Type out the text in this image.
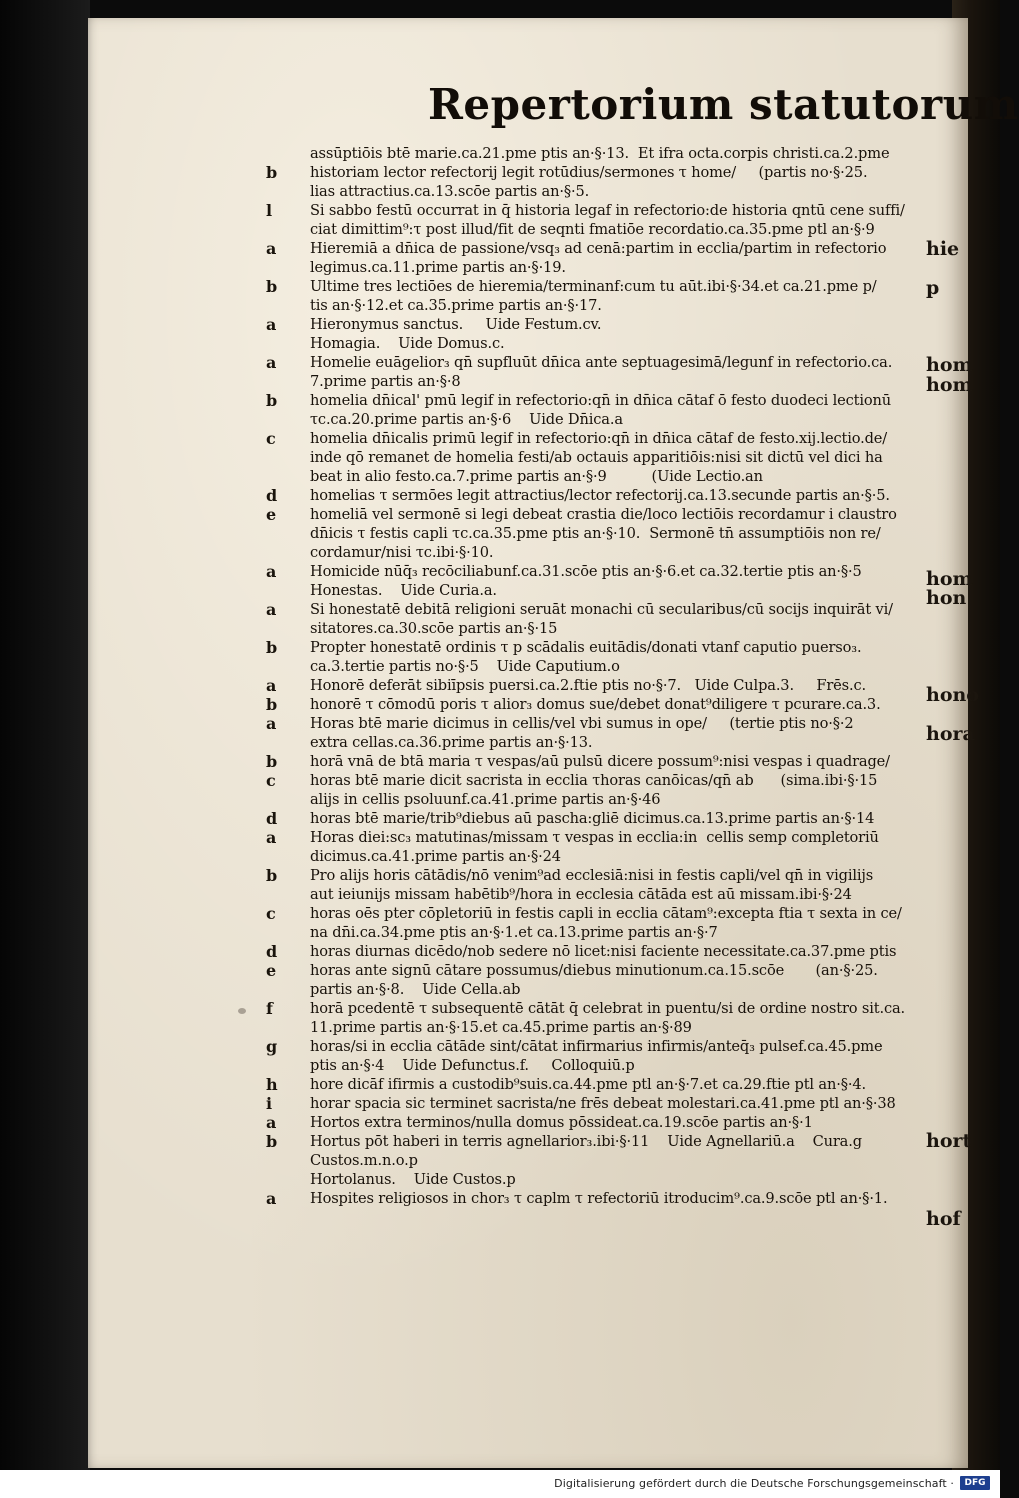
Repertorium statutorum
assūptiōis btē marie.ca.21.pme ptis an·§·13.  Et ifra octa.corpis christi.ca.2.pme
b	historiam lector refectorij legit rotūdius/sermones τ home/     (partis no·§·25.
lias attractius.ca.13.scōe partis an·§·5.
l	Si sabbo festū occurrat in q̄ historia legaf in refectorio:de historia qntū cene suffi/
ciat dimittim⁹:τ post illud/fit de seqnti fmatiōe recordatio.ca.35.pme ptl an·§·9
a	Hieremiā a dn̄ica de passione/vsq₃ ad cenā:partim in ecclia/partim in refectorio
legimus.ca.11.prime partis an·§·19.
b	Ultime tres lectiōes de hieremia/terminanf:cum tu aūt.ibi·§·34.et ca.21.pme p/
tis an·§·12.et ca.35.prime partis an·§·17.
a	Hieronymus sanctus.     Uide Festum.cv.
Homagia.    Uide Domus.c.
a	Homelie euāgelior₃ qn̄ supfluūt dn̄ica ante septuagesimā/legunf in refectorio.ca.
7.prime partis an·§·8
b	homelia dn̄ical' pmū legif in refectorio:qn̄ in dn̄ica cātaf ō festo duodeci lectionū
τc.ca.20.prime partis an·§·6    Uide Dn̄ica.a
c	homelia dn̄icalis primū legif in refectorio:qn̄ in dn̄ica cātaf de festo.xij.lectio.de/
inde qō remanet de homelia festi/ab octauis apparitiōis:nisi sit dictū vel dici ha
beat in alio festo.ca.7.prime partis an·§·9          (Uide Lectio.an
d	homelias τ sermōes legit attractius/lector refectorij.ca.13.secunde partis an·§·5.
e	homeliā vel sermonē si legi debeat crastia die/loco lectiōis recordamur i claustro
dn̄icis τ festis capli τc.ca.35.pme ptis an·§·10.  Sermonē tn̄ assumptiōis non re/
cordamur/nisi τc.ibi·§·10.
a	Homicide nūq̄₃ recōciliabunf.ca.31.scōe ptis an·§·6.et ca.32.tertie ptis an·§·5
Honestas.    Uide Curia.a.
a	Si honestatē debitā religioni seruāt monachi cū secularibus/cū socijs inquirāt vi/
sitatores.ca.30.scōe partis an·§·15
b	Propter honestatē ordinis τ p scādalis euitādis/donati vtanf caputio puerso₃.
ca.3.tertie partis no·§·5    Uide Caputium.o
a	Honorē deferāt sibiīpsis puersi.ca.2.ftie ptis no·§·7.   Uide Culpa.3.     Frēs.c.
b	honorē τ cōmodū poris τ alior₃ domus sue/debet donat⁹diligere τ pcurare.ca.3.
a	Horas btē marie dicimus in cellis/vel vbi sumus in ope/     (tertie ptis no·§·2
extra cellas.ca.36.prime partis an·§·13.
b	horā vnā de btā maria τ vespas/aū pulsū dicere possum⁹:nisi vespas i quadrage/
c	horas btē marie dicit sacrista in ecclia τhoras canōicas/qn̄ ab      (sima.ibi·§·15
alijs in cellis psoluunf.ca.41.prime partis an·§·46
d	horas btē marie/trib⁹diebus aū pascha:gliē dicimus.ca.13.prime partis an·§·14
a	Horas diei:sc₃ matutinas/missam τ vespas in ecclia:in  cellis semp completoriū
dicimus.ca.41.prime partis an·§·24
b	Pro alijs horis cātādis/nō venim⁹ad ecclesiā:nisi in festis capli/vel qn̄ in vigilijs
aut ieiunijs missam habētib⁹/hora in ecclesia cātāda est aū missam.ibi·§·24
c	horas oēs pter cōpletoriū in festis capli in ecclia cātam⁹:excepta ftia τ sexta in ce/
na dn̄i.ca.34.pme ptis an·§·1.et ca.13.prime partis an·§·7
d	horas diurnas dicēdo/nob sedere nō licet:nisi faciente necessitate.ca.37.pme ptis
e	horas ante signū cātare possumus/diebus minutionum.ca.15.scōe       (an·§·25.
partis an·§·8.    Uide Cella.ab
f	horā pcedentē τ subsequentē cātāt q̄ celebrat in puentu/si de ordine nostro sit.ca.
11.prime partis an·§·15.et ca.45.prime partis an·§·89
g	horas/si in ecclia cātāde sint/cātat infirmarius infirmis/anteq̄₃ pulsef.ca.45.pme
ptis an·§·4    Uide Defunctus.f.     Colloquiū.p
h	hore dicāf ifirmis a custodib⁹suis.ca.44.pme ptl an·§·7.et ca.29.ftie ptl an·§·4.
i	horar spacia sic terminet sacrista/ne frēs debeat molestari.ca.41.pme ptl an·§·38
a	Hortos extra terminos/nulla domus pōssideat.ca.19.scōe partis an·§·1
b	Hortus pōt haberi in terris agnellarior₃.ibi·§·11    Uide Agnellariū.a    Cura.g
Custos.m.n.o.p
Hortolanus.    Uide Custos.p
a	Hospites religiosos in chor₃ τ caplm τ refectoriū itroducim⁹.ca.9.scōe ptl an·§·1.
hie
p
hom
hom
hom
hon
hono
hora
hort
hof
Digitalisierung gefördert durch die Deutsche Forschungsgemeinschaft ·	DFG
